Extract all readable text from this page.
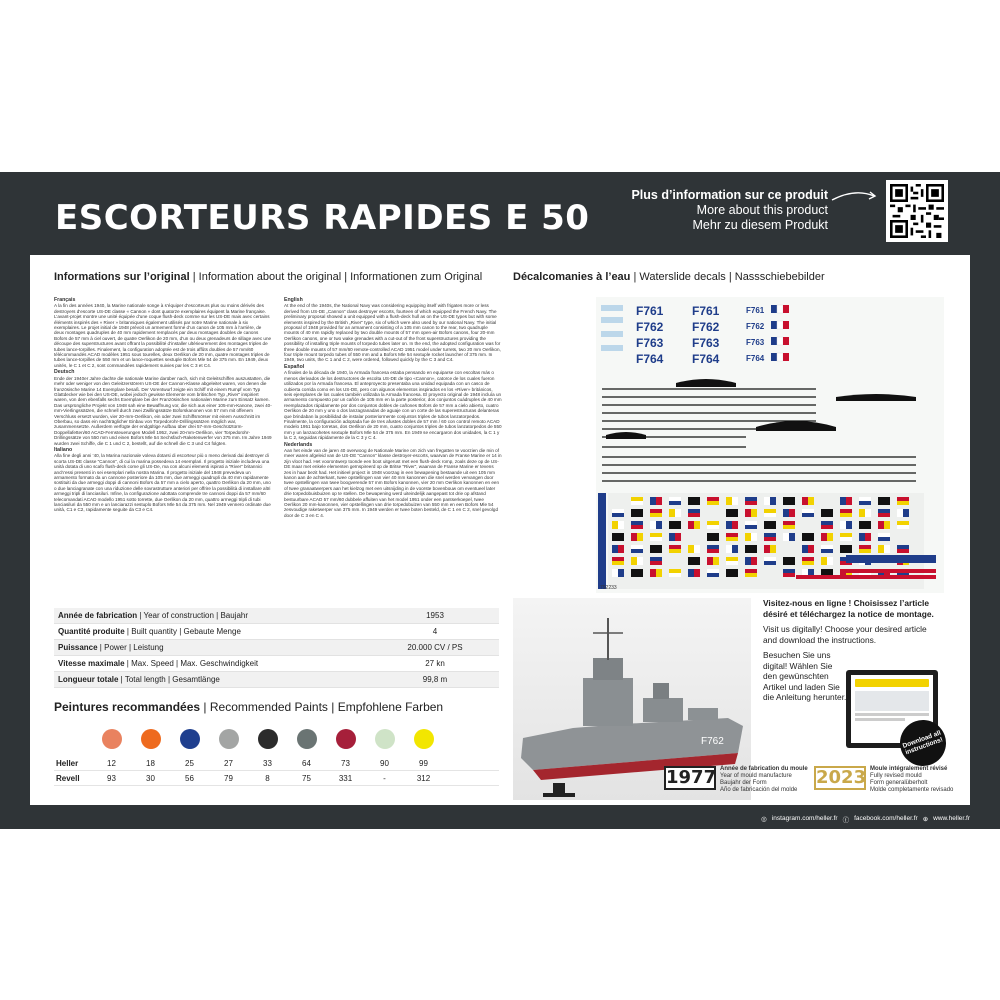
ESCORTEURS RAPIDES E 50
Plus d’information sur ce produit
More about this product
Mehr zu diesem Produkt
Informations sur l’original | Information about the original | Informationen zum Original
Français

A la fin des années 1940, la Marine nationale songe à s’équiper d’escorteurs plus ou moins dérivés des destroyers d’escorte US-DE classe « Cannon » dont quatorze exemplaires équipent la Marine française. L’avant-projet montre une unité équipée d’une coque flush-deck comme sur les US-DE mais avec certains éléments inspirés des « River » britanniques également utilisés par notre Marine nationale à six exemplaires. Le projet initial de 1948 prévoit un armement formé d’un canon de 105 mm à l’arrière, de deux montages quadruples de 40 mm rapidement remplacés par deux montages doubles de canons Bofors de 57 mm à ciel ouvert, de quatre Oerlikon de 20 mm, d’un ou deux grenadeurs de sillage avec une découpe des superstructures avant offrant la possibilité d’installer ultérieurement des montages triples de tubes lance-torpilles. Finalement, la configuration adoptée est de trois affûts doubles de 57 mm/60 télécommandés ACAD modèles 1951 sous tourelles, deux Oerlikon de 20 mm, quatre montages triples de tubes lance-torpilles de 550 mm et un lance-roquettes sextuple Bofors Mle 54 de 375 mm. En 1949, deux unités, le C 1 et C 2, sont commandées rapidement suivies par les C 3 et C4.

Deutsch

Ende der 1940er Jahre dachte die nationale Marine darüber nach, sich mit Geleitschiffen auszustatten, die mehr oder weniger von den Geleitzerstörern US-DE der Cannon-Klasse abgeleitet waren, von denen die französische Marine 14 Exemplare besaß. Der Vorentwurf zeigte ein Schiff mit einem Rumpf vom Typ Glattdecker wie bei den US-DE, wobei jedoch gewisse Elemente vom britischen Typ „River“ inspiriert waren, von dem ebenfalls sechs Exemplare bei der Französischen nationalen Marine zum Einsatz kamen. Das ursprüngliche Projekt von 1948 sah eine Bewaffnung vor, die sich aus einer 105-mm-Kanone, zwei 40-mm-Vierlingssätzen, die schnell durch zwei Zwillingssätze Boforskanonen von 57 mm mit offenem Verschluss ersetzt wurden, vier 20-mm-Oerlikon, ein oder zwei Schiffsmörser mit einem Ausschnitt im Oberbau, so dass ein nachträglicher Einbau von Torpedorohr-Drillingssätzen möglich war, zusammensetzte. Außerdem verfügte der endgültige Aufbau über drei 57-mm-Geschütztürm-Doppellafetten/60 ACAD-Fernsteuerungen Modell 1952, zwei 20-mm-Oerlikon, vier Torpedorohr-Drillingssätze von 550 mm und einen Bofors Mle 54 Sechsfach-Raketenwerfer von 375 mm. Im Jahre 1949 wurden zwei Schiffe, die C 1 und C 2, bestellt, auf die schnell die C 3 und C4 folgten.

Italiano

Alla fine degli anni ’40, la Marina nazionale voleva dotarsi di escorteur più o meno derivati dai destroyer di scorta US-DE classe “Cannon”, di cui la marina possedeva 14 esemplari. Il progetto iniziale includeva una unità dotata di uno scafo flush-deck come gli US-De, ma con alcuni elementi ispirati a “River” britannici anch’essi presenti in sei esemplari nella nostra Marina. Il progetto iniziale del 1948 prevedeva un armamento formato da un cannone posteriore da 105 mm, due armeggi quadrupli da 40 mm rapidamente sostituiti da due armeggi doppi di cannoni Bofors da 57 mm a cielo aperto, quattro Oerlikon da 20 mm, uno o due lanciagranate con una riduzione delle sovrastrutture anteriori per offrire la possibilità di installare altri armeggi tripli di lanciasiluri. Infine, la configurazione adottata comprende tre cannoni doppi da 57 mm/60 telecomandati ACAD modello 1951 sotto torrette, due Oerlikon da 20 mm, quattro armeggi tripli di tubi lanciasiluri da 550 mm e un lanciarazzi sestuplo Bofors Mle 54 da 375 mm. Nel 1949 vennero ordinate due unità, C1 e C2, rapidamente seguite da C3 e C4.

English

At the end of the 1940s, the National Navy was considering equipping itself with frigates more or less derived from US-DE „Cannon“ class destroyer escorts, fourteen of which equipped the French Navy. The preliminary proposal showed a unit equipped with a flush-deck hull as on the US-DE types but with some elements inspired by the British „River“ type, six of which were also used by our national Navy. The initial proposal of 1948 provided for an armament consisting of a 105 mm canon to the rear, two quadruple mounts of 40 mm rapidly replaced by two double mounts of 57 mm open-air Bofors canons, four 20-mm Oerlikon canons, one or two wake grenades with a cut-out of the front superstructures providing the possibility of installing triple mounts of torpedo tubes later on. In the end, the adopted configuration was for three double mounts of 57 mm/60 remote-controlled ACAD 1951 model under turrets, two 20 mm Oerlikon, four triple mount torpedo tubes of 550 mm and a Bofors Mle 54 sextuple rocket launcher of 375 mm. In 1949, two units, the C 1 and C 2, were ordered, followed quickly by the C 3 and C4.

Español

A finales de la década de 1940, la Armada francesa estaba pensando en equiparse con escoltas más o menos derivados de los destructores de escolta US-DE de tipo «Cannon», catorce de los cuales fueron utilizados por la Armada francesa. El anteproyecto presentaba una unidad equipada con un casco de cubierta corrida como en los US-DE, pero con algunos elementos inspirados en los «River» británicos, seis ejemplares de los cuales también utilizaba la Armada francesa. El proyecto original de 1948 incluía un armamento compuesto por un cañón de 105 mm en la parte posterior, dos conjuntos cuádruples de 40 mm reemplazados rápidamente por dos conjuntos dobles de cañones Bofors de 57 mm a cielo abierto, cuatro Oerlikon de 20 mm y uno o dos lanzagranadas de aguaje con un corte de las superestructuras delanteras que brindaban la posibilidad de instalar posteriormente conjuntos triples de tubos lanzatorpedos. Finalmente, la configuración adoptada fue de tres afustes dobles de 57 mm / 60 con control remoto ACAD modelo 1951 bajo torretas, dos Oerlikon de 20 mm, cuatro conjuntos triples de tubos lanzatorpedos de 550 mm y un lanzacohetes sextuple Bofors Mle 54 de 375 mm. En 1949 se encargaron dos unidades, la C 1 y la C 2, seguidas rápidamente de la C 3 y C 4.

Nederlands

Aan het einde van de jaren 40 overwoog de Nationale Marine om zich van fregatten te voorzien die min of meer waren afgeleid van de US-DE “Cannon” klasse destroyer-escorts, waarvan de Franse Marine er 14 in zijn vloot had. Het voorontwerp toonde een boot uitgerust met een flush-deck romp, zoals deze op de US-DE maar met enkele elementen geïnspireerd op de Britse “River”, waarvan de Franse Marine er tevens zes in haar bezit had. Het initieel project in 1948 voorzag in een bewapening bestaande uit een 105 mm kanon aan de achterkant, twee opstellingen van vier 40 mm kanonnen die snel werden vervangen door twee opstellingen van twee boogverende 57 mm Bofors kanonnen, vier 20 mm Oerlikon kanonnen en een of twee granaatwerpers aan het kielzog met een uitsnijding in de voorste bovenbouw om eventueel later drie torpedobuisbuizen op te stellen. De bewapening werd uiteindelijk aangepast tot drie op afstand bestuurbare ACAD 57 mm/60 dubbele affuiten van het model 1951 onder een pantserkoepel, twee Oerlikon 20 mm-kanonnen, vier opstellingen van drie torpedobuizen van 550 mm en een Bofors Mle 54 zesvoudige raketwerper van 375 mm. In 1949 werden er twee boten besteld, de C 1 en C 2, snel gevolgd door de C 3 en C 4.

Année de fabrication | Year of construction | Baujahr	1953
Quantité produite | Built quantity | Gebaute Menge	4
Puissance | Power | Leistung	20.000 CV / PS
Vitesse maximale | Max. Speed | Max. Geschwindigkeit	27 kn
Longueur totale | Total length | Gesamtlänge	99,8 m
Peintures recommandées | Recommended Paints | Empfohlene Farben
Heller	12	18	25	27	33	64	73	90	99
Revell	93	30	56	79	8	75	331	-	312
Décalcomanies à l’eau | Waterslide decals | Nassschiebebilder
F761 F761
F762 F762
F763 F763
F764 F764
F761
F762
F763
F764
792233
F762

Visitez-nous en ligne ! Choisissez l’article désiré et téléchargez la notice de montage.

Visit us digitally! Choose your desired article and download the instructions.

Besuchen Sie uns digital! Wählen Sie den gewünschten Artikel und laden Sie die Anleitung herunter.

Download all instructions!
1977 Année de fabrication du moule
Year of mould manufacture
Baujahr der Form
Año de fabricación del molde
2023 Moule intégralement révisé
Fully revised mould
Form generalüberholt
Molde completamente revisado
◎ instagram.com/heller.fr ⓕ facebook.com/heller.fr ⊕ www.heller.fr
